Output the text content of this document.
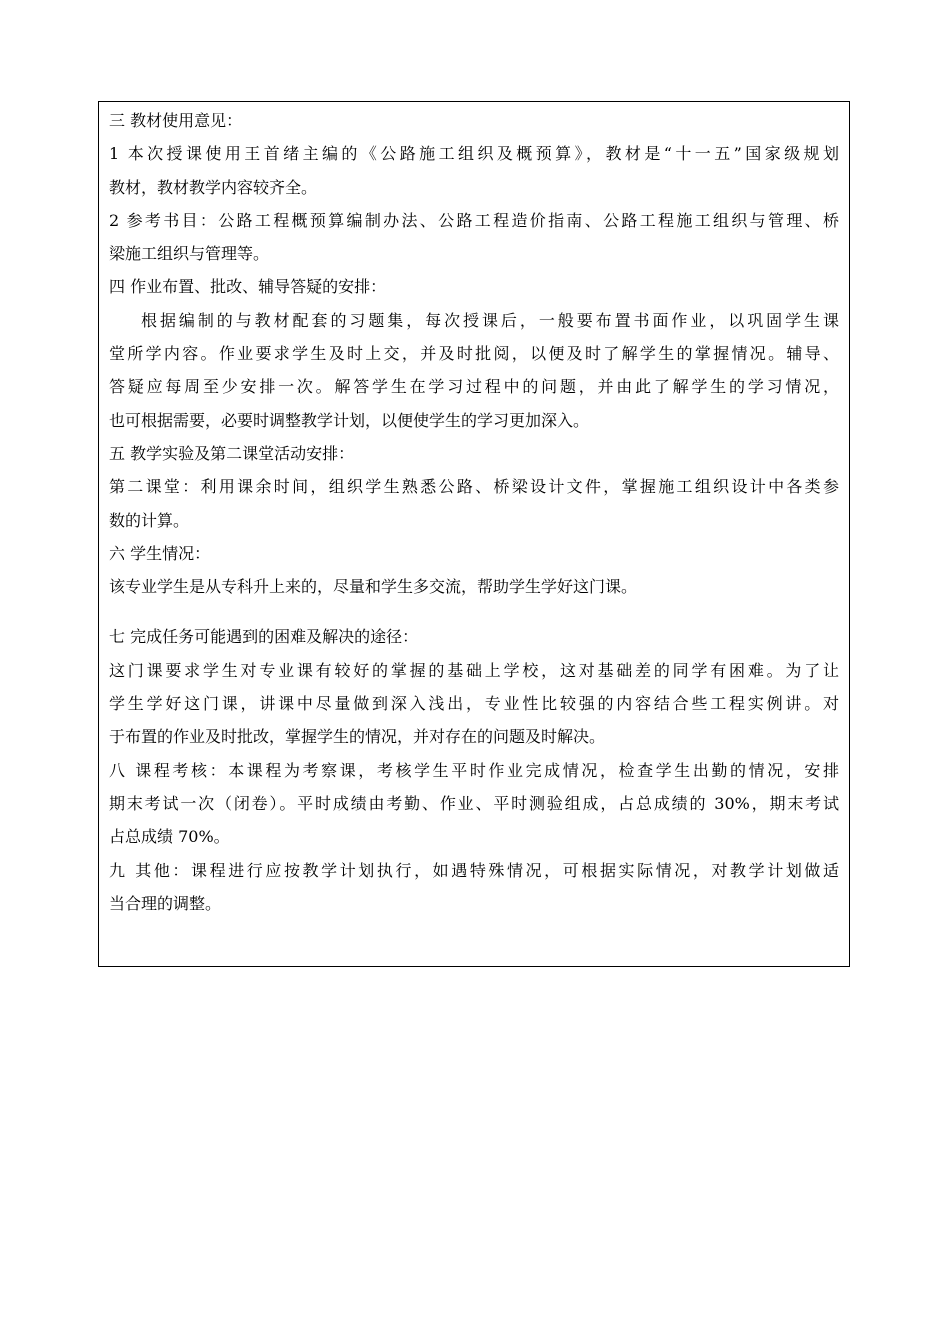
三 教材使用意见：
1 本次授课使用王首绪主编的《公路施工组织及概预算》，教材是“十一五”国家级规划
教材，教材教学内容较齐全。
2 参考书目：公路工程概预算编制办法、公路工程造价指南、公路工程施工组织与管理、桥
梁施工组织与管理等。
四 作业布置、批改、辅导答疑的安排：
根据编制的与教材配套的习题集，每次授课后，一般要布置书面作业，以巩固学生课
堂所学内容。作业要求学生及时上交，并及时批阅，以便及时了解学生的掌握情况。辅导、
答疑应每周至少安排一次。解答学生在学习过程中的问题，并由此了解学生的学习情况，
也可根据需要，必要时调整教学计划，以便使学生的学习更加深入。
五 教学实验及第二课堂活动安排：
第二课堂：利用课余时间，组织学生熟悉公路、桥梁设计文件，掌握施工组织设计中各类参
数的计算。
六 学生情况：
该专业学生是从专科升上来的，尽量和学生多交流，帮助学生学好这门课。
七 完成任务可能遇到的困难及解决的途径：
这门课要求学生对专业课有较好的掌握的基础上学校，这对基础差的同学有困难。为了让
学生学好这门课，讲课中尽量做到深入浅出，专业性比较强的内容结合些工程实例讲。对
于布置的作业及时批改，掌握学生的情况，并对存在的问题及时解决。
八 课程考核：本课程为考察课，考核学生平时作业完成情况，检查学生出勤的情况，安排
期末考试一次（闭卷）。平时成绩由考勤、作业、平时测验组成，占总成绩的 30%，期末考试
占总成绩 70%。
九 其他：课程进行应按教学计划执行，如遇特殊情况，可根据实际情况，对教学计划做适
当合理的调整。
